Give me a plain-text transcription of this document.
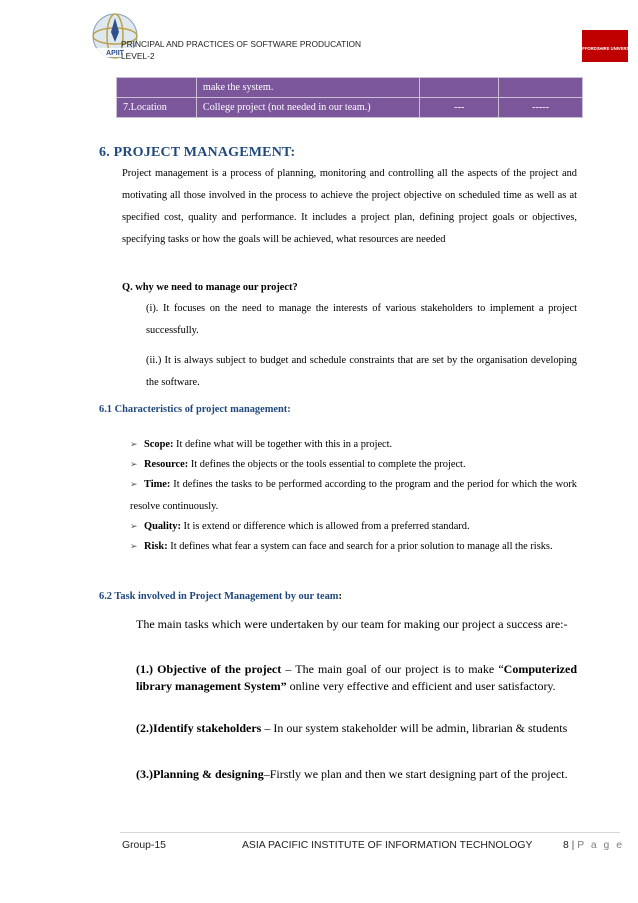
APIIT
PRINCIPAL AND PRACTICES OF SOFTWARE PRODUCATION
LEVEL-2
STAFFORDSHIRE UNIVERSITY
	make the system.		
7.Location	College project (not needed in our team.)	---	-----
6. PROJECT MANAGEMENT:
Project management is a process of planning, monitoring and controlling all the aspects of the project and motivating all those involved in the process to achieve the project objective on scheduled time as well as at specified cost, quality and performance. It includes a project plan, defining project goals or objectives, specifying tasks or how the goals will be achieved, what resources are needed
Q. why we need to manage our project?
(i). It focuses on the need to manage the interests of various stakeholders to implement a project successfully.
(ii.) It is always subject to budget and schedule constraints that are set by the organisation developing the software.
6.1 Characteristics of project management:
➢ Scope: It define what will be together with this in a project.
➢ Resource: It defines the objects or the tools essential to complete the project.
➢ Time: It defines the tasks to be performed according to the program and the period for which the work resolve continuously.
➢ Quality: It is extend or difference which is allowed from a preferred standard.
➢ Risk: It defines what fear a system can face and search for a prior solution to manage all the risks.
6.2 Task involved in Project Management by our team:
The main tasks which were undertaken by our team for making our project a success are:-
(1.) Objective of the project – The main goal of our project is to make “Computerized library management System” online very effective and efficient and user satisfactory.
(2.)Identify stakeholders – In our system stakeholder will be admin, librarian & students
(3.)Planning & designing–Firstly we plan and then we start designing part of the project.
Group-15	ASIA PACIFIC INSTITUTE OF INFORMATION TECHNOLOGY	8 | P a g e
